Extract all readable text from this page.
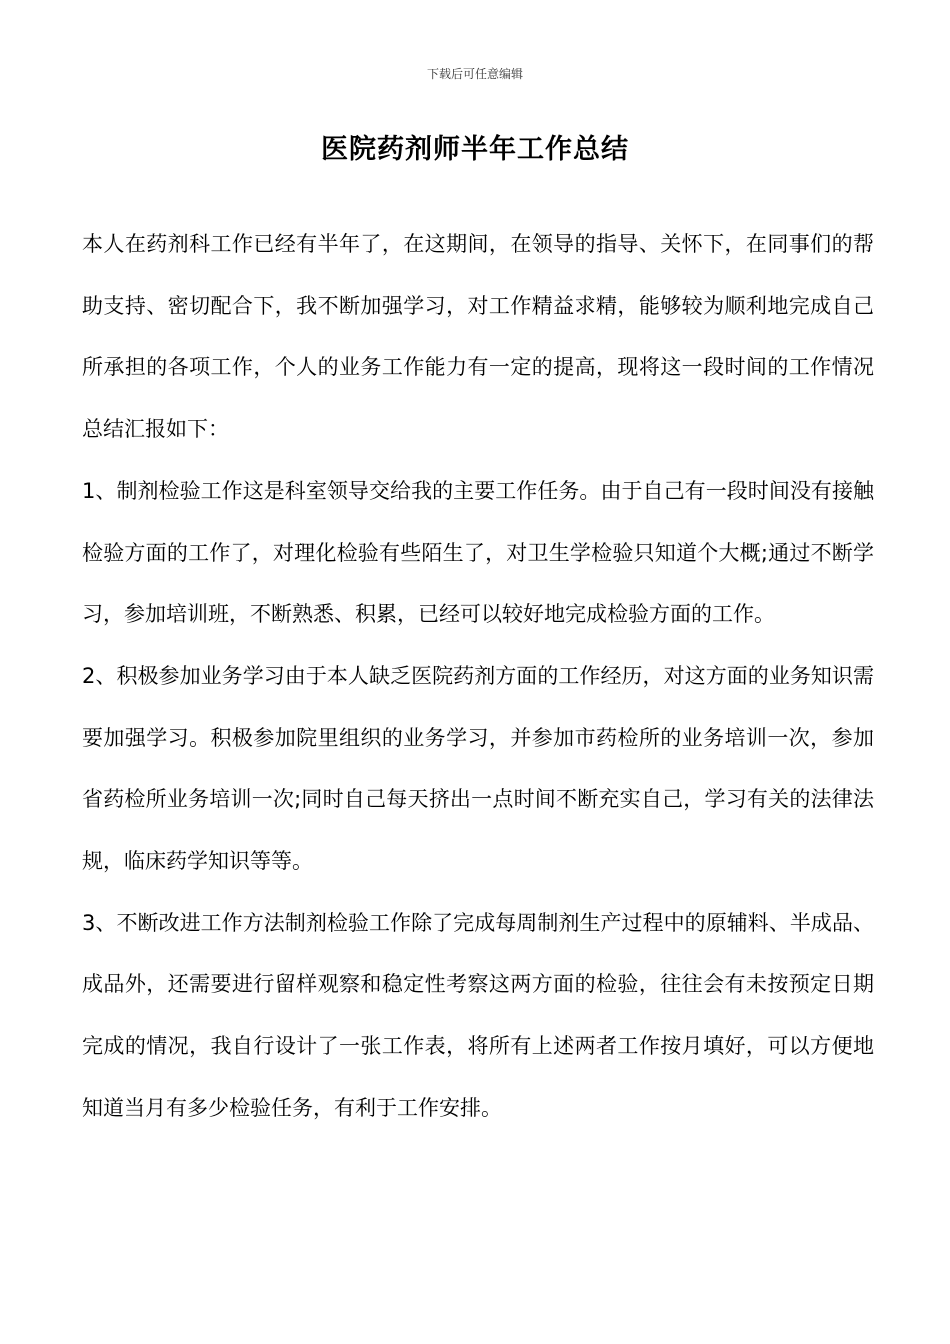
下载后可任意编辑
医院药剂师半年工作总结

本人在药剂科工作已经有半年了，在这期间，在领导的指导、关怀下，在同事们的帮助支持、密切配合下，我不断加强学习，对工作精益求精，能够较为顺利地完成自己所承担的各项工作，个人的业务工作能力有一定的提高，现将这一段时间的工作情况总结汇报如下：

1、制剂检验工作这是科室领导交给我的主要工作任务。由于自己有一段时间没有接触检验方面的工作了，对理化检验有些陌生了，对卫生学检验只知道个大概;通过不断学习，参加培训班，不断熟悉、积累，已经可以较好地完成检验方面的工作。

2、积极参加业务学习由于本人缺乏医院药剂方面的工作经历，对这方面的业务知识需要加强学习。积极参加院里组织的业务学习，并参加市药检所的业务培训一次，参加省药检所业务培训一次;同时自己每天挤出一点时间不断充实自己，学习有关的法律法规，临床药学知识等等。

3、不断改进工作方法制剂检验工作除了完成每周制剂生产过程中的原辅料、半成品、成品外，还需要进行留样观察和稳定性考察这两方面的检验，往往会有未按预定日期完成的情况，我自行设计了一张工作表，将所有上述两者工作按月填好，可以方便地知道当月有多少检验任务，有利于工作安排。
